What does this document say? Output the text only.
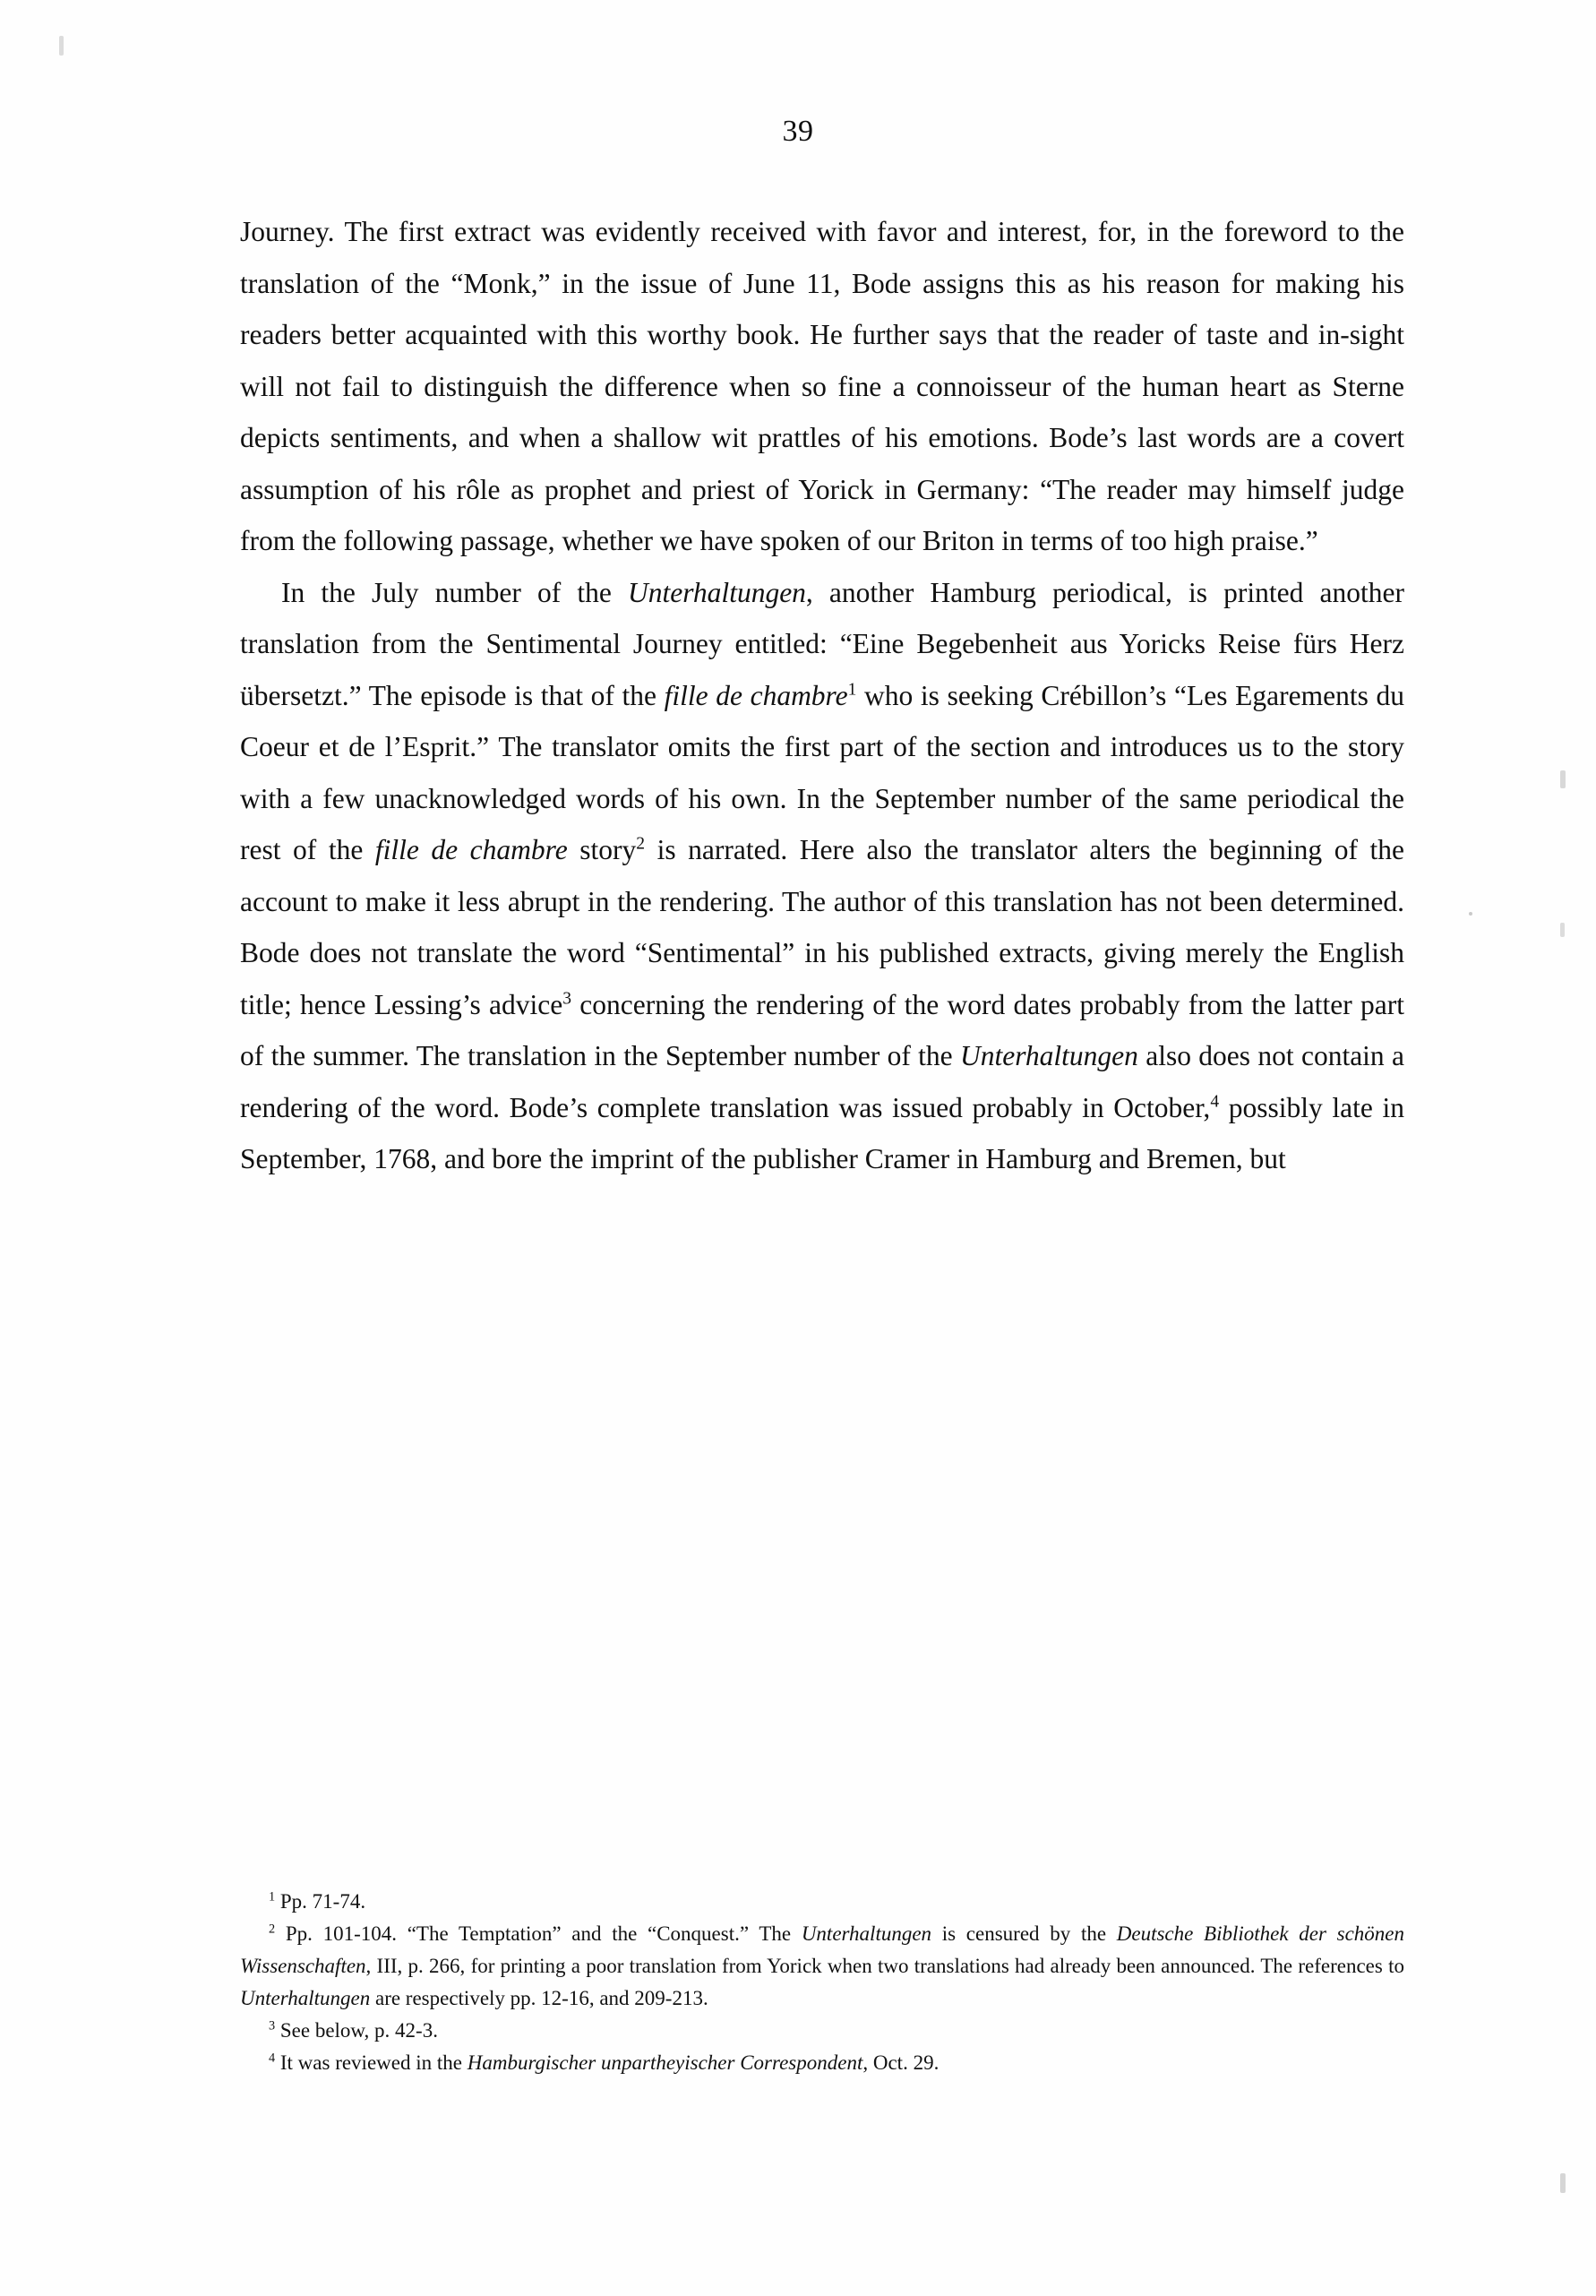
39

Journey. The first extract was evidently received with favor and interest, for, in the foreword to the translation of the “Monk,” in the issue of June 11, Bode assigns this as his reason for making his readers better acquainted with this worthy book. He further says that the reader of taste and in-sight will not fail to distinguish the difference when so fine a connoisseur of the human heart as Sterne depicts sentiments, and when a shallow wit prattles of his emotions. Bode’s last words are a covert assumption of his rôle as prophet and priest of Yorick in Germany: “The reader may himself judge from the following passage, whether we have spoken of our Briton in terms of too high praise.”

In the July number of the Unterhaltungen, another Hamburg periodical, is printed another translation from the Sentimental Journey entitled: “Eine Begebenheit aus Yoricks Reise fürs Herz übersetzt.” The episode is that of the fille de chambre$^1$ who is seeking Crébillon’s “Les Egarements du Coeur et de l’Esprit.” The translator omits the first part of the section and introduces us to the story with a few unacknowledged words of his own. In the September number of the same periodical the rest of the fille de chambre story$^2$ is narrated. Here also the translator alters the beginning of the account to make it less abrupt in the rendering. The author of this translation has not been determined. Bode does not translate the word “Sentimental” in his published extracts, giving merely the English title; hence Lessing’s advice$^3$ concerning the rendering of the word dates probably from the latter part of the summer. The translation in the September number of the Unterhaltungen also does not contain a rendering of the word. Bode’s complete translation was issued probably in October,$^4$ possibly late in September, 1768, and bore the imprint of the publisher Cramer in Hamburg and Bremen, but

$^1$ Pp. 71-74.

$^2$ Pp. 101-104. “The Temptation” and the “Conquest.” The Unterhaltungen is censured by the Deutsche Bibliothek der schönen Wissenschaften, III, p. 266, for printing a poor translation from Yorick when two translations had already been announced. The references to Unterhaltungen are respectively pp. 12-16, and 209-213.

$^3$ See below, p. 42-3.

$^4$ It was reviewed in the Hamburgischer unpartheyischer Correspondent, Oct. 29.
